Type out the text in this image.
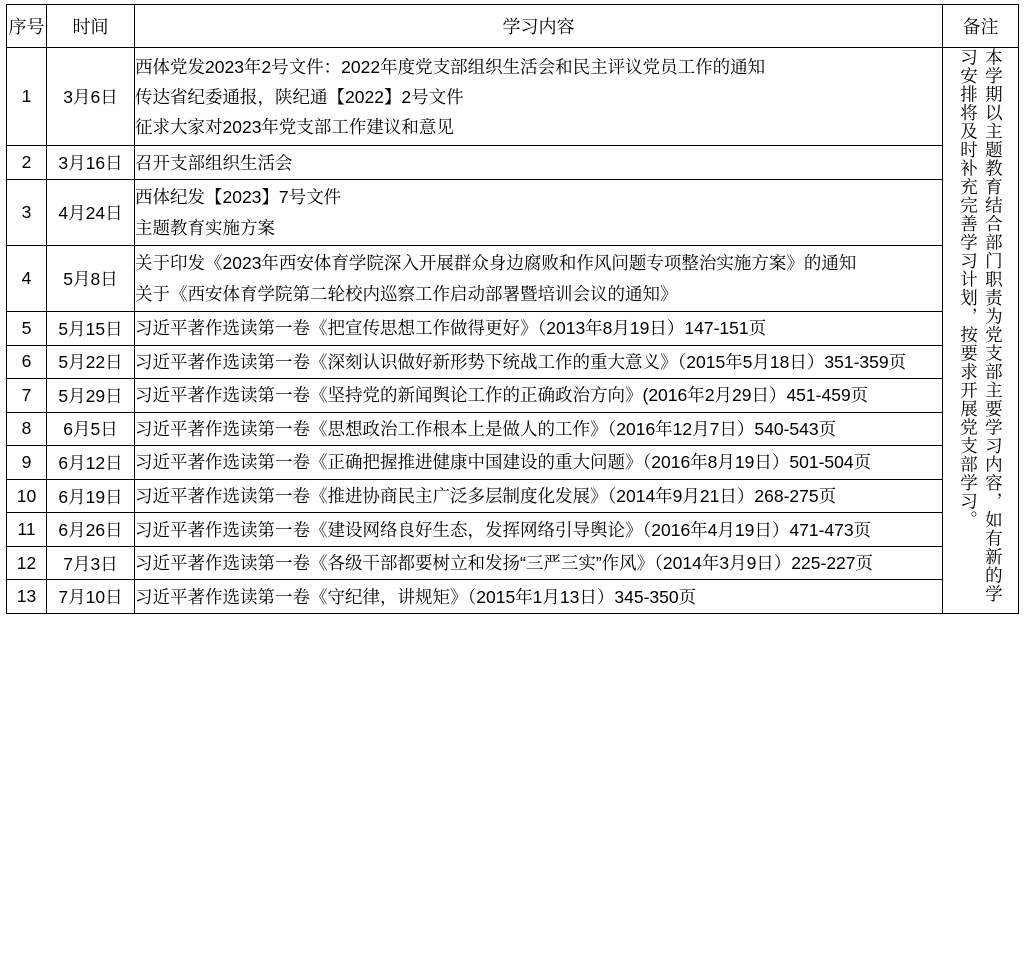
序号	时间	学习内容	备注
1	3月6日	西体党发2023年2号文件：2022年度党支部组织生活会和民主评议党员工作的通知
传达省纪委通报，陕纪通【2022】2号文件
征求大家对2023年党支部工作建议和意见	本学期以主题教育结合部门职责为党支部主要学习内容，如有新的学习安排将及时补充完善学习计划，按要求开展党支部学习。
2	3月16日	召开支部组织生活会	

3	4月24日	西体纪发【2023】7号文件
主题教育实施方案	

4	5月8日	关于印发《2023年西安体育学院深入开展群众身边腐败和作风问题专项整治实施方案》的通知
关于《西安体育学院第二轮校内巡察工作启动部署暨培训会议的通知》	

5	5月15日	习近平著作选读第一卷《把宣传思想工作做得更好》（2013年8月19日）147-151页	

6	5月22日	习近平著作选读第一卷《深刻认识做好新形势下统战工作的重大意义》（2015年5月18日）351-359页	

7	5月29日	习近平著作选读第一卷《坚持党的新闻舆论工作的正确政治方向》(2016年2月29日）451-459页	

8	6月5日	习近平著作选读第一卷《思想政治工作根本上是做人的工作》（2016年12月7日）540-543页	

9	6月12日	习近平著作选读第一卷《正确把握推进健康中国建设的重大问题》（2016年8月19日）501-504页	

10	6月19日	习近平著作选读第一卷《推进协商民主广泛多层制度化发展》（2014年9月21日）268-275页	

11	6月26日	习近平著作选读第一卷《建设网络良好生态，发挥网络引导舆论》（2016年4月19日）471-473页	

12	7月3日	习近平著作选读第一卷《各级干部都要树立和发扬“三严三实”作风》（2014年3月9日）225-227页	

13	7月10日	习近平著作选读第一卷《守纪律，讲规矩》（2015年1月13日）345-350页	
